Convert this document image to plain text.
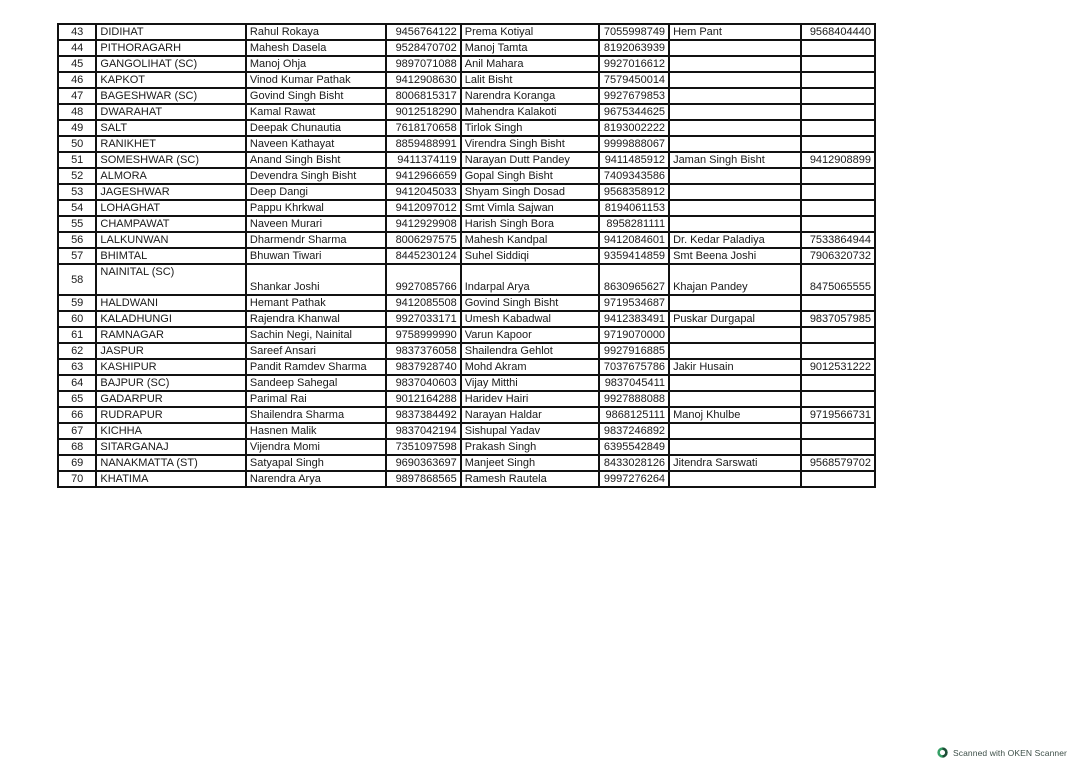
43	DIDIHAT	Rahul Rokaya	9456764122	Prema Kotiyal	7055998749	Hem Pant	9568404440
44	PITHORAGARH	Mahesh Dasela	9528470702	Manoj Tamta	8192063939		
45	GANGOLIHAT (SC)	Manoj Ohja	9897071088	Anil Mahara	9927016612		
46	KAPKOT	Vinod Kumar Pathak	9412908630	Lalit Bisht	7579450014		
47	BAGESHWAR (SC)	Govind Singh Bisht	8006815317	Narendra Koranga	9927679853		
48	DWARAHAT	Kamal Rawat	9012518290	Mahendra Kalakoti	9675344625		
49	SALT	Deepak Chunautia	7618170658	Tirlok Singh	8193002222		
50	RANIKHET	Naveen Kathayat	8859488991	Virendra Singh Bisht	9999888067		
51	SOMESHWAR (SC)	Anand Singh Bisht	9411374119	Narayan Dutt Pandey	9411485912	Jaman Singh Bisht	9412908899
52	ALMORA	Devendra Singh Bisht	9412966659	Gopal Singh Bisht	7409343586		
53	JAGESHWAR	Deep Dangi	9412045033	Shyam Singh Dosad	9568358912		
54	LOHAGHAT	Pappu Khrkwal	9412097012	Smt Vimla Sajwan	8194061153		
55	CHAMPAWAT	Naveen Murari	9412929908	Harish Singh Bora	8958281111		
56	LALKUNWAN	Dharmendr Sharma	8006297575	Mahesh Kandpal	9412084601	Dr. Kedar Paladiya	7533864944
57	BHIMTAL	Bhuwan Tiwari	8445230124	Suhel Siddiqi	9359414859	Smt Beena Joshi	7906320732
58	NAINITAL (SC)	Shankar Joshi	9927085766	Indarpal Arya	8630965627	Khajan Pandey	8475065555
59	HALDWANI	Hemant Pathak	9412085508	Govind Singh Bisht	9719534687		
60	KALADHUNGI	Rajendra Khanwal	9927033171	Umesh Kabadwal	9412383491	Puskar Durgapal	9837057985
61	RAMNAGAR	Sachin Negi, Nainital	9758999990	Varun Kapoor	9719070000		
62	JASPUR	Sareef Ansari	9837376058	Shailendra Gehlot	9927916885		
63	KASHIPUR	Pandit Ramdev Sharma	9837928740	Mohd Akram	7037675786	Jakir Husain	9012531222
64	BAJPUR (SC)	Sandeep Sahegal	9837040603	Vijay Mitthi	9837045411		
65	GADARPUR	Parimal Rai	9012164288	Haridev Hairi	9927888088		
66	RUDRAPUR	Shailendra Sharma	9837384492	Narayan Haldar	9868125111	Manoj Khulbe	9719566731
67	KICHHA	Hasnen Malik	9837042194	Sishupal Yadav	9837246892		
68	SITARGANAJ	Vijendra Momi	7351097598	Prakash Singh	6395542849		
69	NANAKMATTA (ST)	Satyapal Singh	9690363697	Manjeet Singh	8433028126	Jitendra Sarswati	9568579702
70	KHATIMA	Narendra Arya	9897868565	Ramesh Rautela	9997276264		
Scanned with OKEN Scanner
